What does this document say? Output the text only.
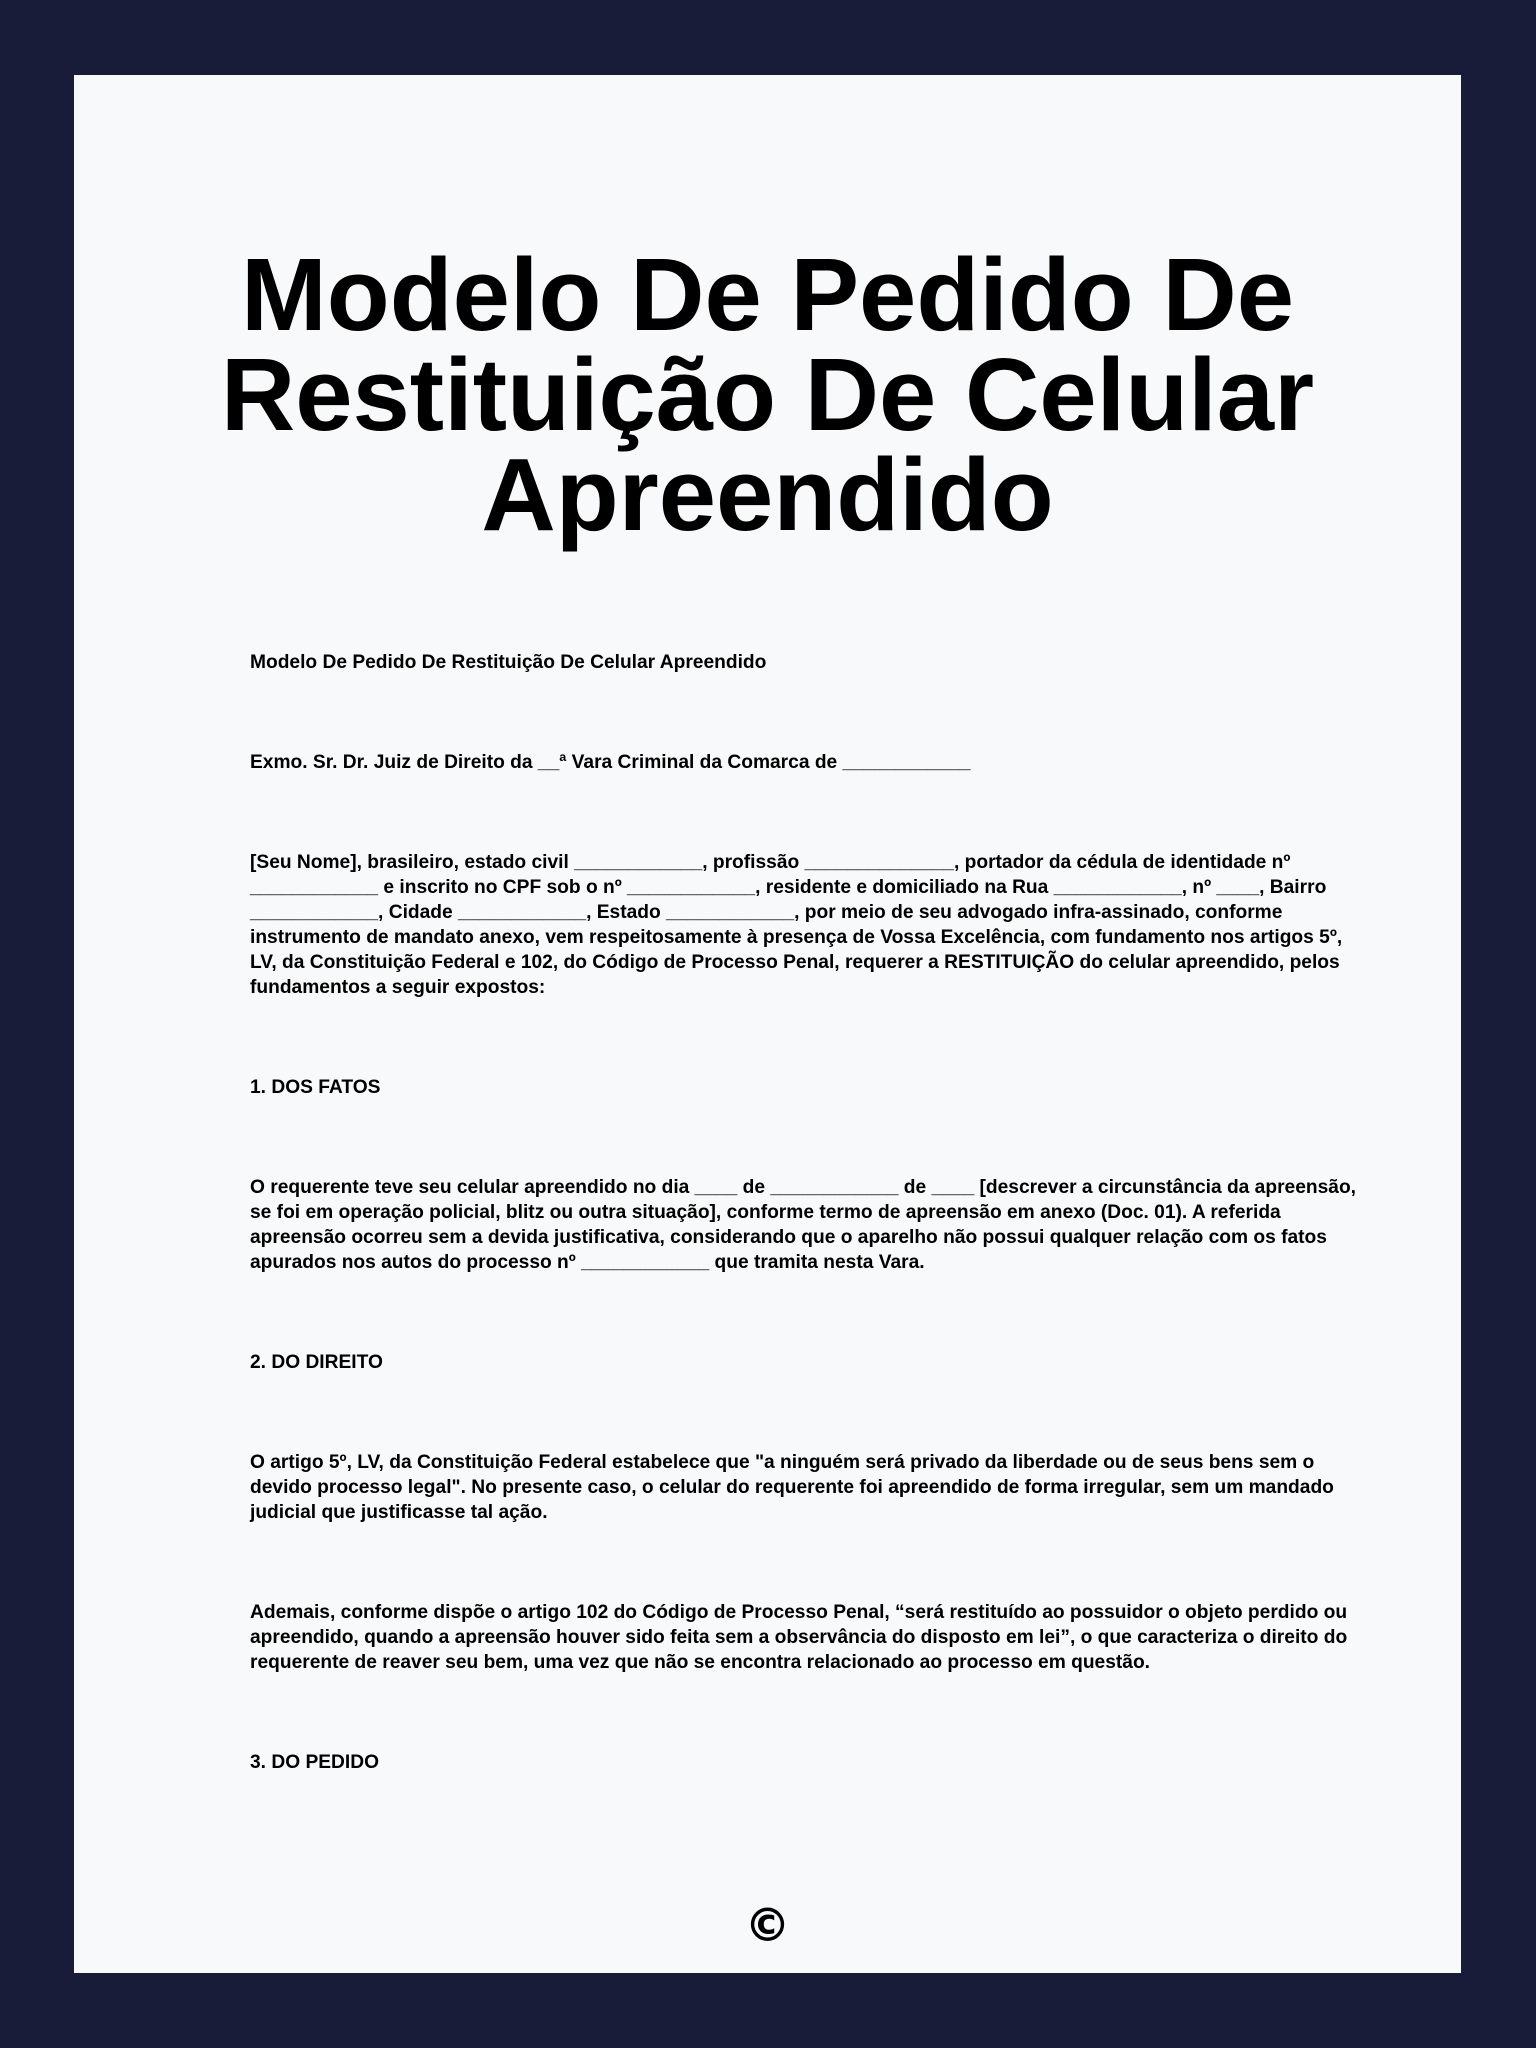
Modelo De Pedido De Restituição De Celular Apreendido

Modelo De Pedido De Restituição De Celular Apreendido

Exmo. Sr. Dr. Juiz de Direito da __ª Vara Criminal da Comarca de ____________

[Seu Nome], brasileiro, estado civil ____________, profissão ______________, portador da cédula de identidade nº ____________ e inscrito no CPF sob o nº ____________, residente e domiciliado na Rua ____________, nº ____, Bairro ____________, Cidade ____________, Estado ____________, por meio de seu advogado infra-assinado, conforme instrumento de mandato anexo, vem respeitosamente à presença de Vossa Excelência, com fundamento nos artigos 5º, LV, da Constituição Federal e 102, do Código de Processo Penal, requerer a RESTITUIÇÃO do celular apreendido, pelos fundamentos a seguir expostos:

1. DOS FATOS

O requerente teve seu celular apreendido no dia ____ de ____________ de ____ [descrever a circunstância da apreensão, se foi em operação policial, blitz ou outra situação], conforme termo de apreensão em anexo (Doc. 01). A referida apreensão ocorreu sem a devida justificativa, considerando que o aparelho não possui qualquer relação com os fatos apurados nos autos do processo nº ____________ que tramita nesta Vara.

2. DO DIREITO

O artigo 5º, LV, da Constituição Federal estabelece que "a ninguém será privado da liberdade ou de seus bens sem o devido processo legal". No presente caso, o celular do requerente foi apreendido de forma irregular, sem um mandado judicial que justificasse tal ação.

Ademais, conforme dispõe o artigo 102 do Código de Processo Penal, “será restituído ao possuidor o objeto perdido ou apreendido, quando a apreensão houver sido feita sem a observância do disposto em lei”, o que caracteriza o direito do requerente de reaver seu bem, uma vez que não se encontra relacionado ao processo em questão.

3. DO PEDIDO

©
